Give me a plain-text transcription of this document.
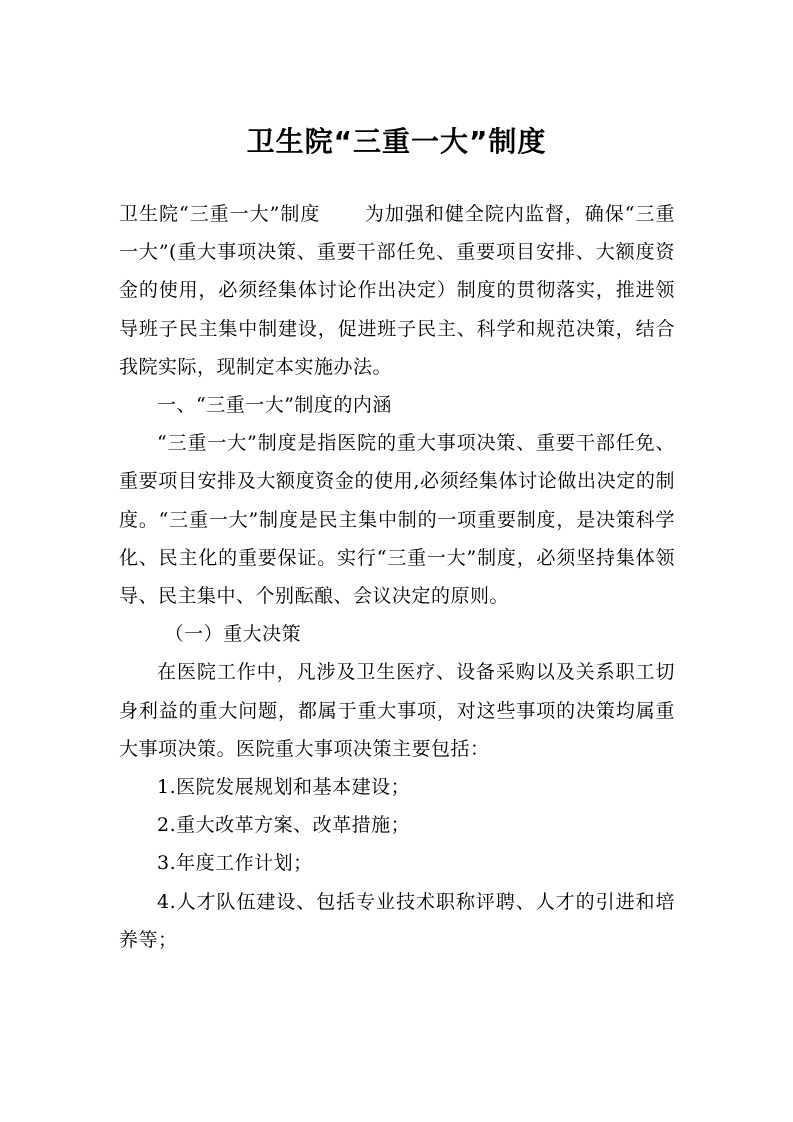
卫生院“三重一大”制度

卫生院“三重一大”制度 为加强和健全院内监督，确保“三重一大”(重大事项决策、重要干部任免、重要项目安排、大额度资金的使用，必须经集体讨论作出决定）制度的贯彻落实，推进领导班子民主集中制建设，促进班子民主、科学和规范决策，结合我院实际，现制定本实施办法。

一、“三重一大”制度的内涵

“三重一大”制度是指医院的重大事项决策、重要干部任免、重要项目安排及大额度资金的使用,必须经集体讨论做出决定的制度。“三重一大”制度是民主集中制的一项重要制度，是决策科学化、民主化的重要保证。实行“三重一大”制度，必须坚持集体领导、民主集中、个别酝酿、会议决定的原则。

（一）重大决策

在医院工作中，凡涉及卫生医疗、设备采购以及关系职工切身利益的重大问题，都属于重大事项，对这些事项的决策均属重大事项决策。医院重大事项决策主要包括：

1.医院发展规划和基本建设；

2.重大改革方案、改革措施；

3.年度工作计划；

4.人才队伍建设、包括专业技术职称评聘、人才的引进和培养等；
